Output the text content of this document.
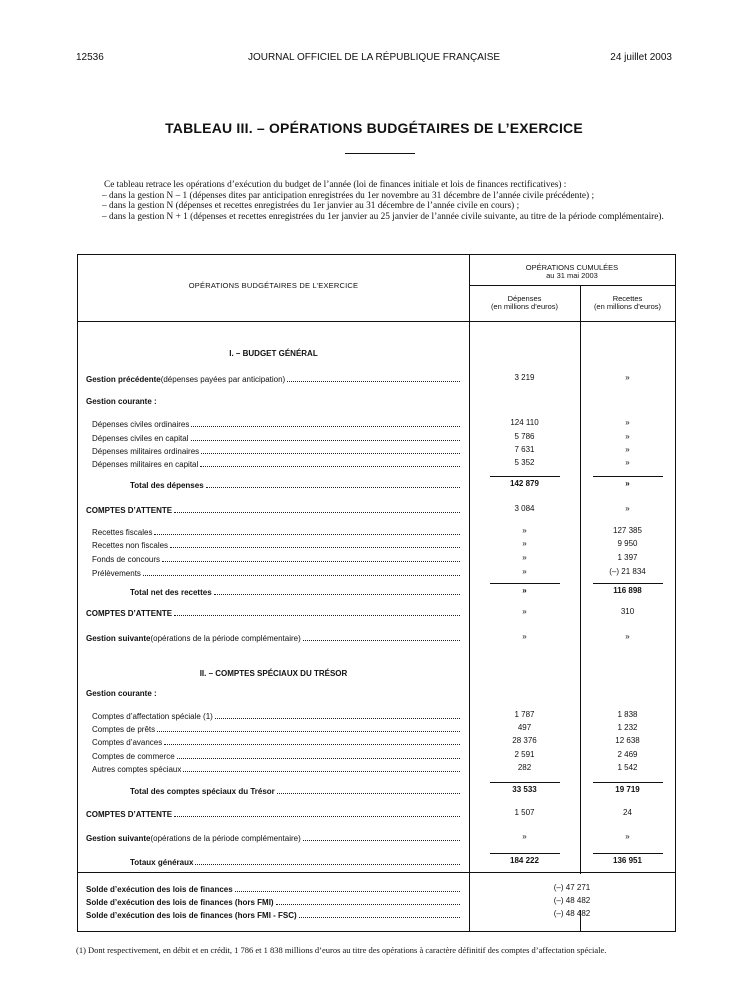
12536	JOURNAL OFFICIEL DE LA RÉPUBLIQUE FRANÇAISE	24 juillet 2003
TABLEAU III. – OPÉRATIONS BUDGÉTAIRES DE L’EXERCICE
Ce tableau retrace les opérations d’exécution du budget de l’année (loi de finances initiale et lois de finances rectificatives) :
– dans la gestion N – 1 (dépenses dites par anticipation enregistrées du 1er novembre au 31 décembre de l’année civile précédente) ;
– dans la gestion N (dépenses et recettes enregistrées du 1er janvier au 31 décembre de l’année civile en cours) ;
– dans la gestion N + 1 (dépenses et recettes enregistrées du 1er janvier au 25 janvier de l’année civile suivante, au titre de la période complémentaire).
OPÉRATIONS BUDGÉTAIRES DE L’EXERCICE
OPÉRATIONS CUMULÉES
au 31 mai 2003
Dépenses
(en millions d’euros)
Recettes
(en millions d’euros)
I. – BUDGET GÉNÉRAL
II. – COMPTES SPÉCIAUX DU TRÉSOR
Gestion précédente (dépenses payées par anticipation)	3 219	»
Gestion courante :
Dépenses civiles ordinaires	124 110	»
Dépenses civiles en capital	5 786	»
Dépenses militaires ordinaires	7 631	»
Dépenses militaires en capital	5 352	»
Total des dépenses	142 879	»
COMPTES D’ATTENTE	3 084	»
Recettes fiscales	»	127 385
Recettes non fiscales	»	9 950
Fonds de concours	»	1 397
Prélèvements	»	(–) 21 834
Total net des recettes	»	116 898
COMPTES D’ATTENTE	»	310
Gestion suivante (opérations de la période complémentaire)	»	»
Gestion courante :
Comptes d’affectation spéciale (1)	1 787	1 838
Comptes de prêts	497	1 232
Comptes d’avances	28 376	12 638
Comptes de commerce	2 591	2 469
Autres comptes spéciaux	282	1 542
Total des comptes spéciaux du Trésor	33 533	19 719
COMPTES D’ATTENTE	1 507	24
Gestion suivante (opérations de la période complémentaire)	»	»
Totaux généraux	184 222	136 951
Solde d’exécution des lois de finances	(–) 47 271
Solde d’exécution des lois de finances (hors FMI)	(–) 48 482
Solde d’exécution des lois de finances (hors FMI - FSC)	(–) 48 482
(1) Dont respectivement, en débit et en crédit, 1 786 et 1 838 millions d’euros au titre des opérations à caractère définitif des comptes d’affectation spéciale.
